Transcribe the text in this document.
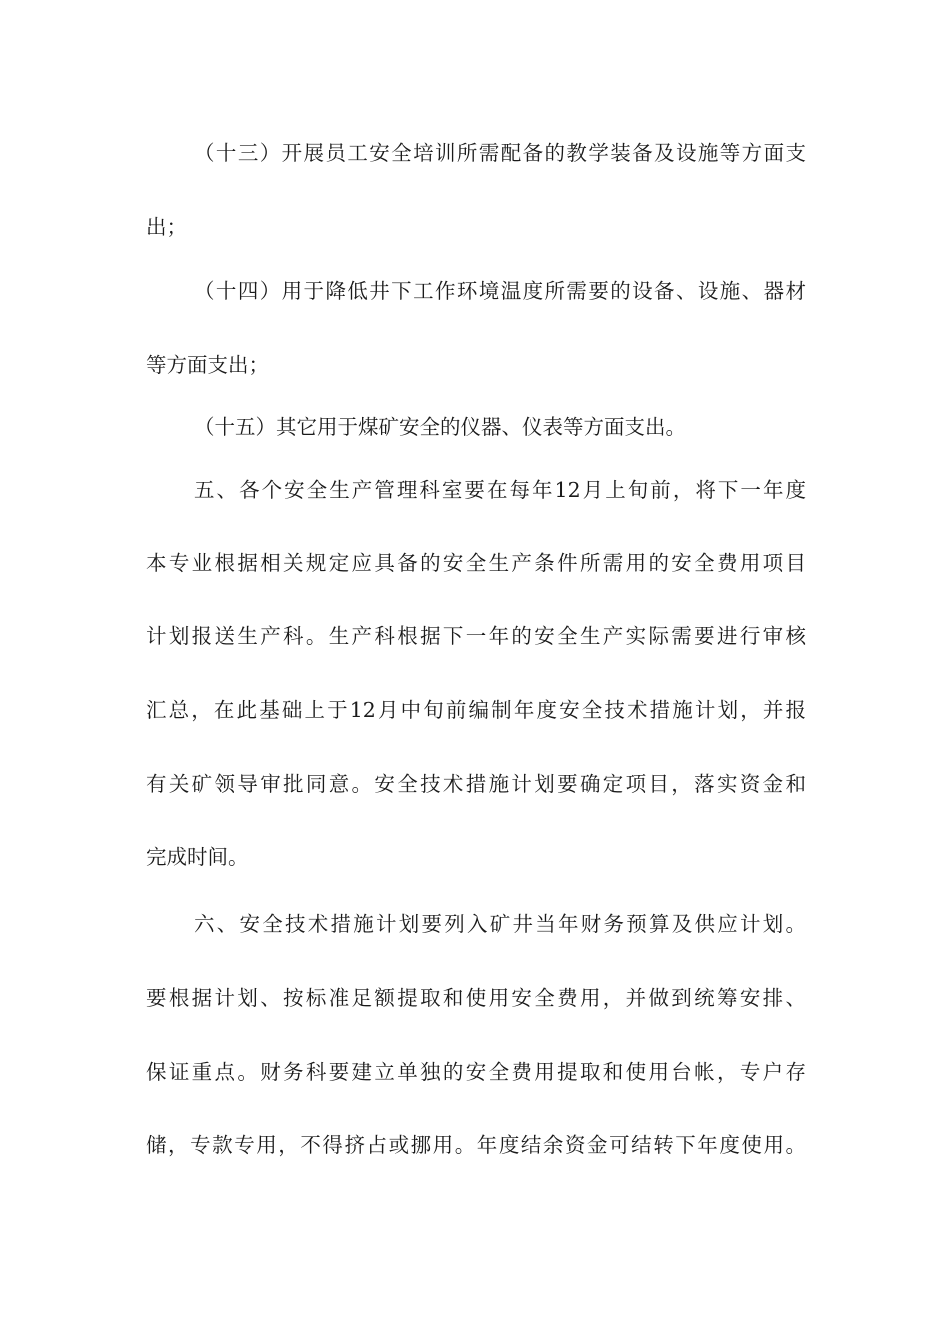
（十三）开展员工安全培训所需配备的教学装备及设施等方面支
出；
（十四）用于降低井下工作环境温度所需要的设备、设施、器材
等方面支出；
（十五）其它用于煤矿安全的仪器、仪表等方面支出。
五、各个安全生产管理科室要在每年12月上旬前，将下一年度
本专业根据相关规定应具备的安全生产条件所需用的安全费用项目
计划报送生产科。生产科根据下一年的安全生产实际需要进行审核
汇总，在此基础上于12月中旬前编制年度安全技术措施计划，并报
有关矿领导审批同意。安全技术措施计划要确定项目，落实资金和
完成时间。
六、安全技术措施计划要列入矿井当年财务预算及供应计划。
要根据计划、按标准足额提取和使用安全费用，并做到统筹安排、
保证重点。财务科要建立单独的安全费用提取和使用台帐，专户存
储，专款专用，不得挤占或挪用。年度结余资金可结转下年度使用。
